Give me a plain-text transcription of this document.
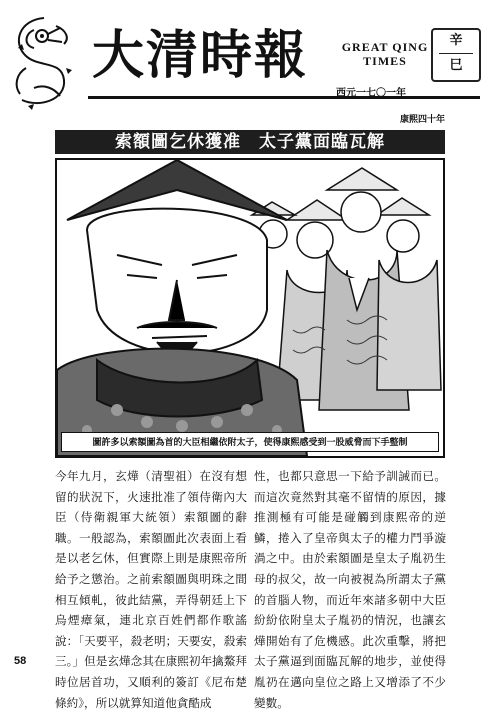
大清時報	GREAT QING
TIMES
辛
巳
西元一七〇一年
康熙四十年
索額圖乞休獲准　太子黨面臨瓦解
圖許多以索額圖為首的大臣相繼依附太子，使得康熙感受到一股威脅而下手整制
今年九月，玄燁（清聖祖）在沒有想留的狀況下，火速批准了領侍衛內大臣（侍衛親軍大統領）索額圖的辭職。一般認為，索額圖此次表面上看是以老乞休，但實際上則是康熙帝所給予之懲治。之前索額圖與明珠之間相互傾軋，彼此結黨，弄得朝廷上下烏煙瘴氣，連北京百姓們都作歌謠說：「天要平，殺老明；天要安，殺索三。」但是玄燁念其在康熙初年擒鰲拜時位居首功，又順利的簽訂《尼布楚條約》，所以就算知道他貪酷成
性，也都只意思一下給予訓誡而已。而這次竟然對其毫不留情的原因，據推測極有可能是碰觸到康熙帝的逆鱗，捲入了皇帝與太子的權力鬥爭漩渦之中。由於索額圖是皇太子胤礽生母的叔父，故一向被視為所謂太子黨的首腦人物，而近年來諸多朝中大臣紛紛依附皇太子胤礽的情況，也讓玄燁開始有了危機感。此次重擊，將把太子黨逼到面臨瓦解的地步，並使得胤礽在邁向皇位之路上又增添了不少變數。
58
